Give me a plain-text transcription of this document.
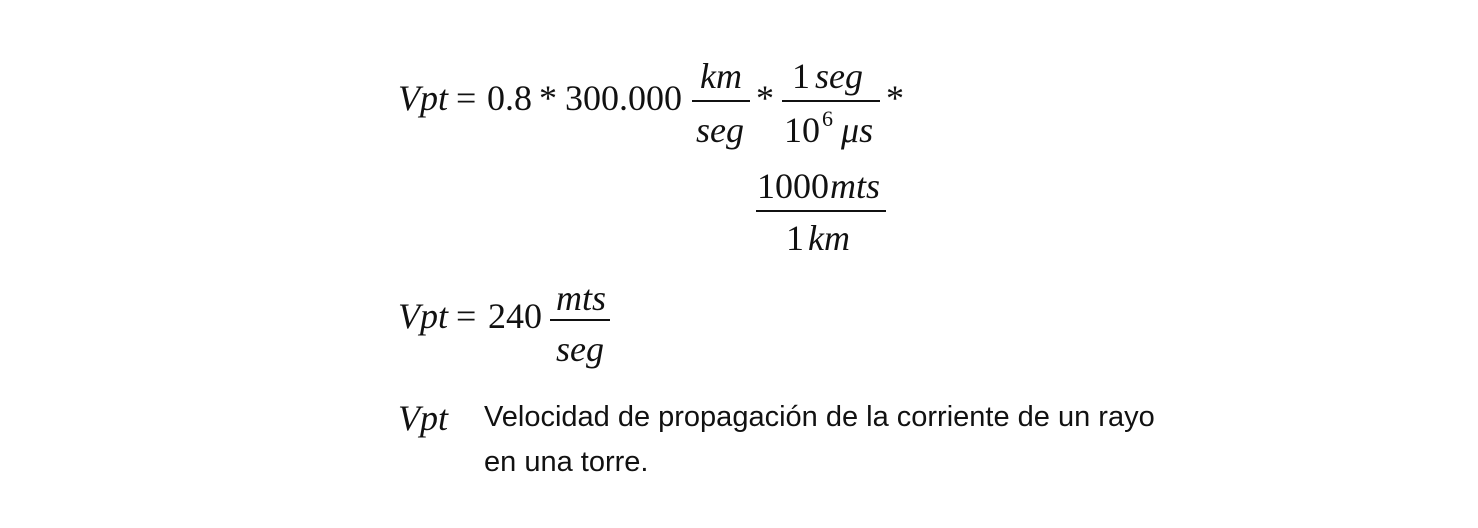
Vpt = 0.8 * 300.000
km
seg
*
1 seg
10 6 μs
*
1000 mts
1 km
Vpt = 240 mts
seg
Vpt Velocidad de propagación de la corriente de un rayo
en una torre.
